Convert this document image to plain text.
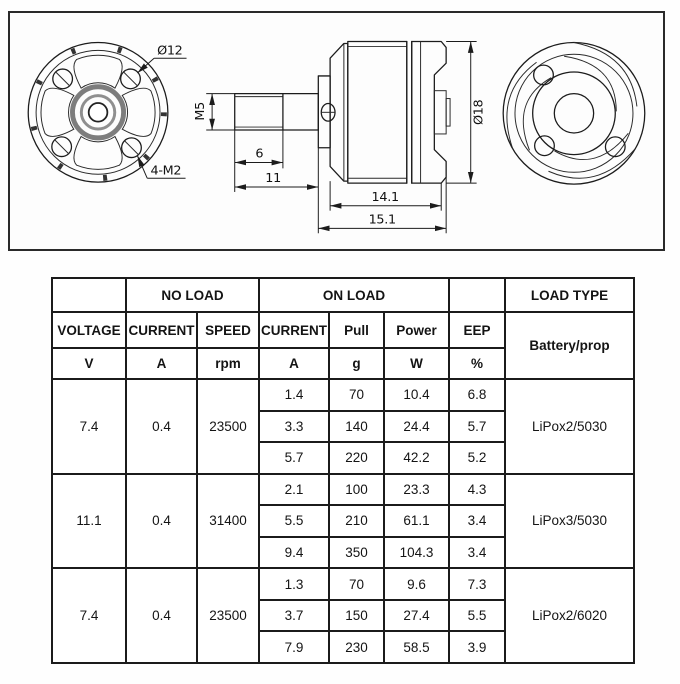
Ø12
4-M2
M5
6
11
14.1
15.1
Ø18
	NO LOAD		ON LOAD				LOAD TYPE
VOLTAGE	CURRENT	SPEED	CURRENT	Pull	Power	EEP	Battery/prop
V	A	rpm	A	g	W	%	
7.4	0.4	23500	1.4	70	10.4	6.8	LiPox2/5030
			3.3	140	24.4	5.7	
			5.7	220	42.2	5.2	
11.1	0.4	31400	2.1	100	23.3	4.3	LiPox3/5030
			5.5	210	61.1	3.4	
			9.4	350	104.3	3.4	
7.4	0.4	23500	1.3	70	9.6	7.3	LiPox2/6020
			3.7	150	27.4	5.5	
			7.9	230	58.5	3.9	
